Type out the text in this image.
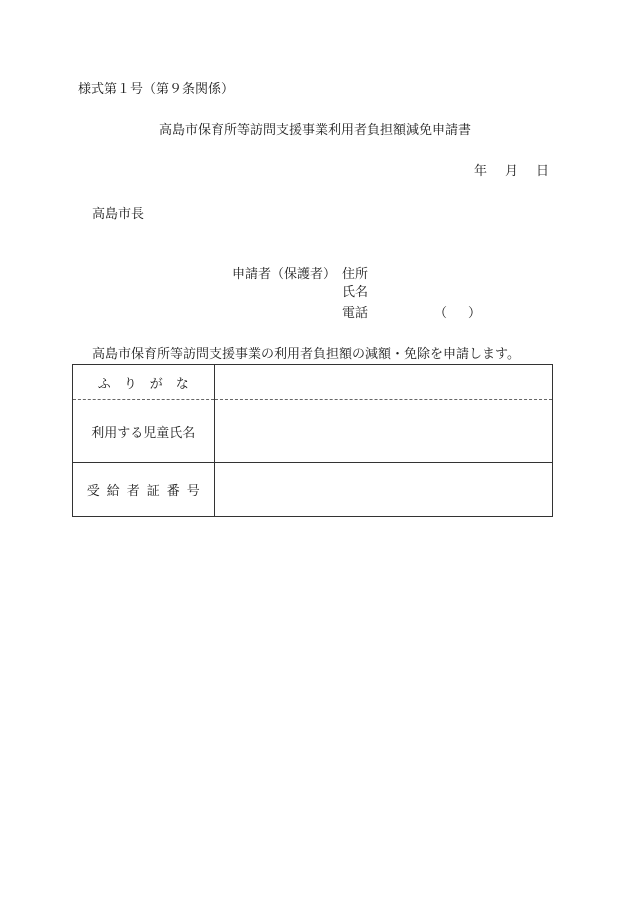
様式第１号（第９条関係）
高島市保育所等訪問支援事業利用者負担額減免申請書
年 月 日
高島市長
申請者（保護者） 住所
氏名
電話	（ ）
高島市保育所等訪問支援事業の利用者負担額の減額・免除を申請します。
ふりがな	
利用する児童氏名	
受給者証番号	
